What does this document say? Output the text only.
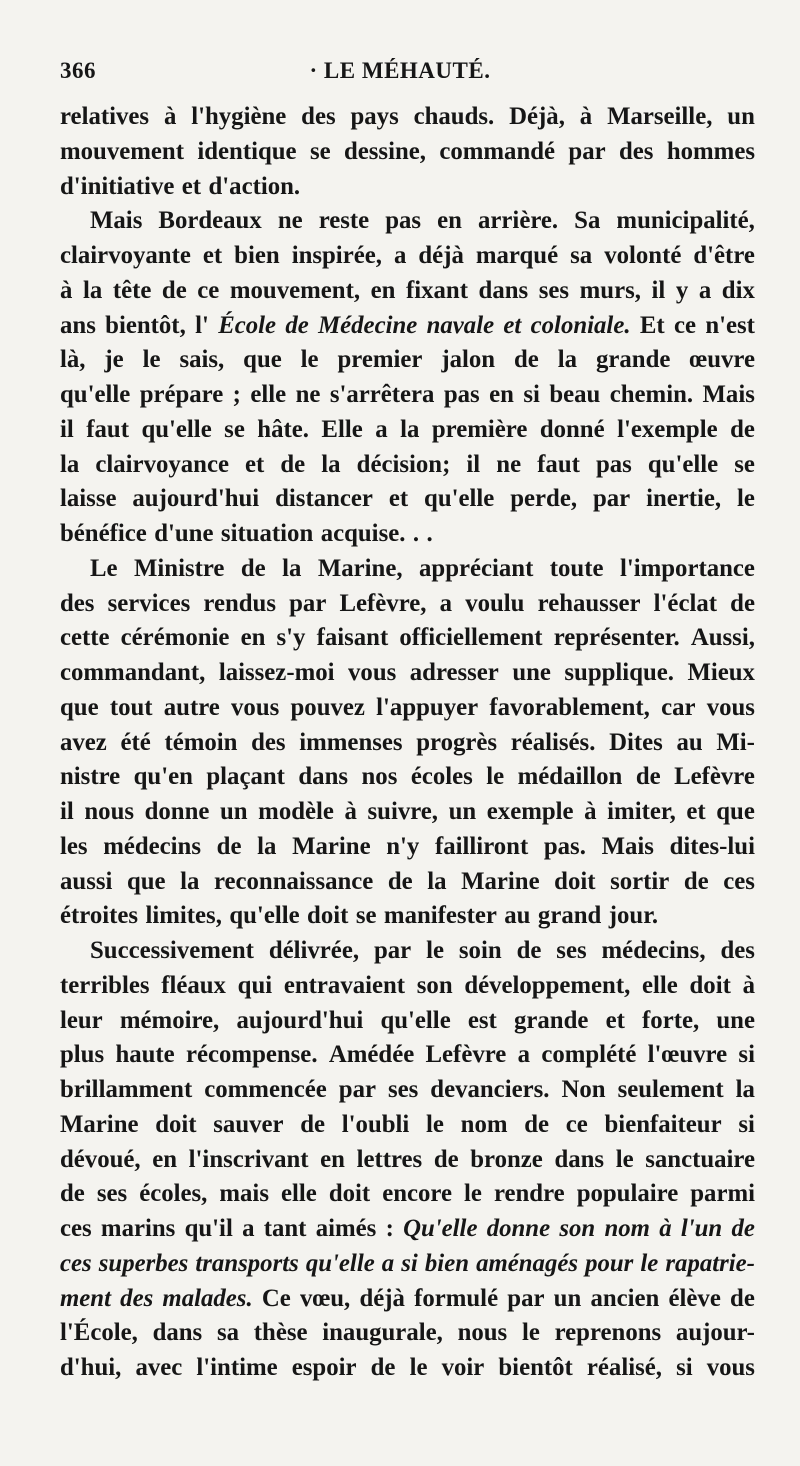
366	· LE MÉHAUTÉ.
relatives à l'hygiène des pays chauds. Déjà, à Marseille, un
mouvement identique se dessine, commandé par des hommes
d'initiative et d'action.
Mais Bordeaux ne reste pas en arrière. Sa municipalité,
clairvoyante et bien inspirée, a déjà marqué sa volonté d'être
à la tête de ce mouvement, en fixant dans ses murs, il y a dix
ans bientôt, l' École de Médecine navale et coloniale. Et ce n'est
là, je le sais, que le premier jalon de la grande œuvre
qu'elle prépare ; elle ne s'arrêtera pas en si beau chemin. Mais
il faut qu'elle se hâte. Elle a la première donné l'exemple de
la clairvoyance et de la décision; il ne faut pas qu'elle se
laisse aujourd'hui distancer et qu'elle perde, par inertie, le
bénéfice d'une situation acquise. . .
Le Ministre de la Marine, appréciant toute l'importance
des services rendus par Lefèvre, a voulu rehausser l'éclat de
cette cérémonie en s'y faisant officiellement représenter. Aussi,
commandant, laissez-moi vous adresser une supplique. Mieux
que tout autre vous pouvez l'appuyer favorablement, car vous
avez été témoin des immenses progrès réalisés. Dites au Mi-
nistre qu'en plaçant dans nos écoles le médaillon de Lefèvre
il nous donne un modèle à suivre, un exemple à imiter, et que
les médecins de la Marine n'y failliront pas. Mais dites-lui
aussi que la reconnaissance de la Marine doit sortir de ces
étroites limites, qu'elle doit se manifester au grand jour.
Successivement délivrée, par le soin de ses médecins, des
terribles fléaux qui entravaient son développement, elle doit à
leur mémoire, aujourd'hui qu'elle est grande et forte, une
plus haute récompense. Amédée Lefèvre a complété l'œuvre si
brillamment commencée par ses devanciers. Non seulement la
Marine doit sauver de l'oubli le nom de ce bienfaiteur si
dévoué, en l'inscrivant en lettres de bronze dans le sanctuaire
de ses écoles, mais elle doit encore le rendre populaire parmi
ces marins qu'il a tant aimés : Qu'elle donne son nom à l'un de
ces superbes transports qu'elle a si bien aménagés pour le rapatrie-
ment des malades. Ce vœu, déjà formulé par un ancien élève de
l'École, dans sa thèse inaugurale, nous le reprenons aujour-
d'hui, avec l'intime espoir de le voir bientôt réalisé, si vous
